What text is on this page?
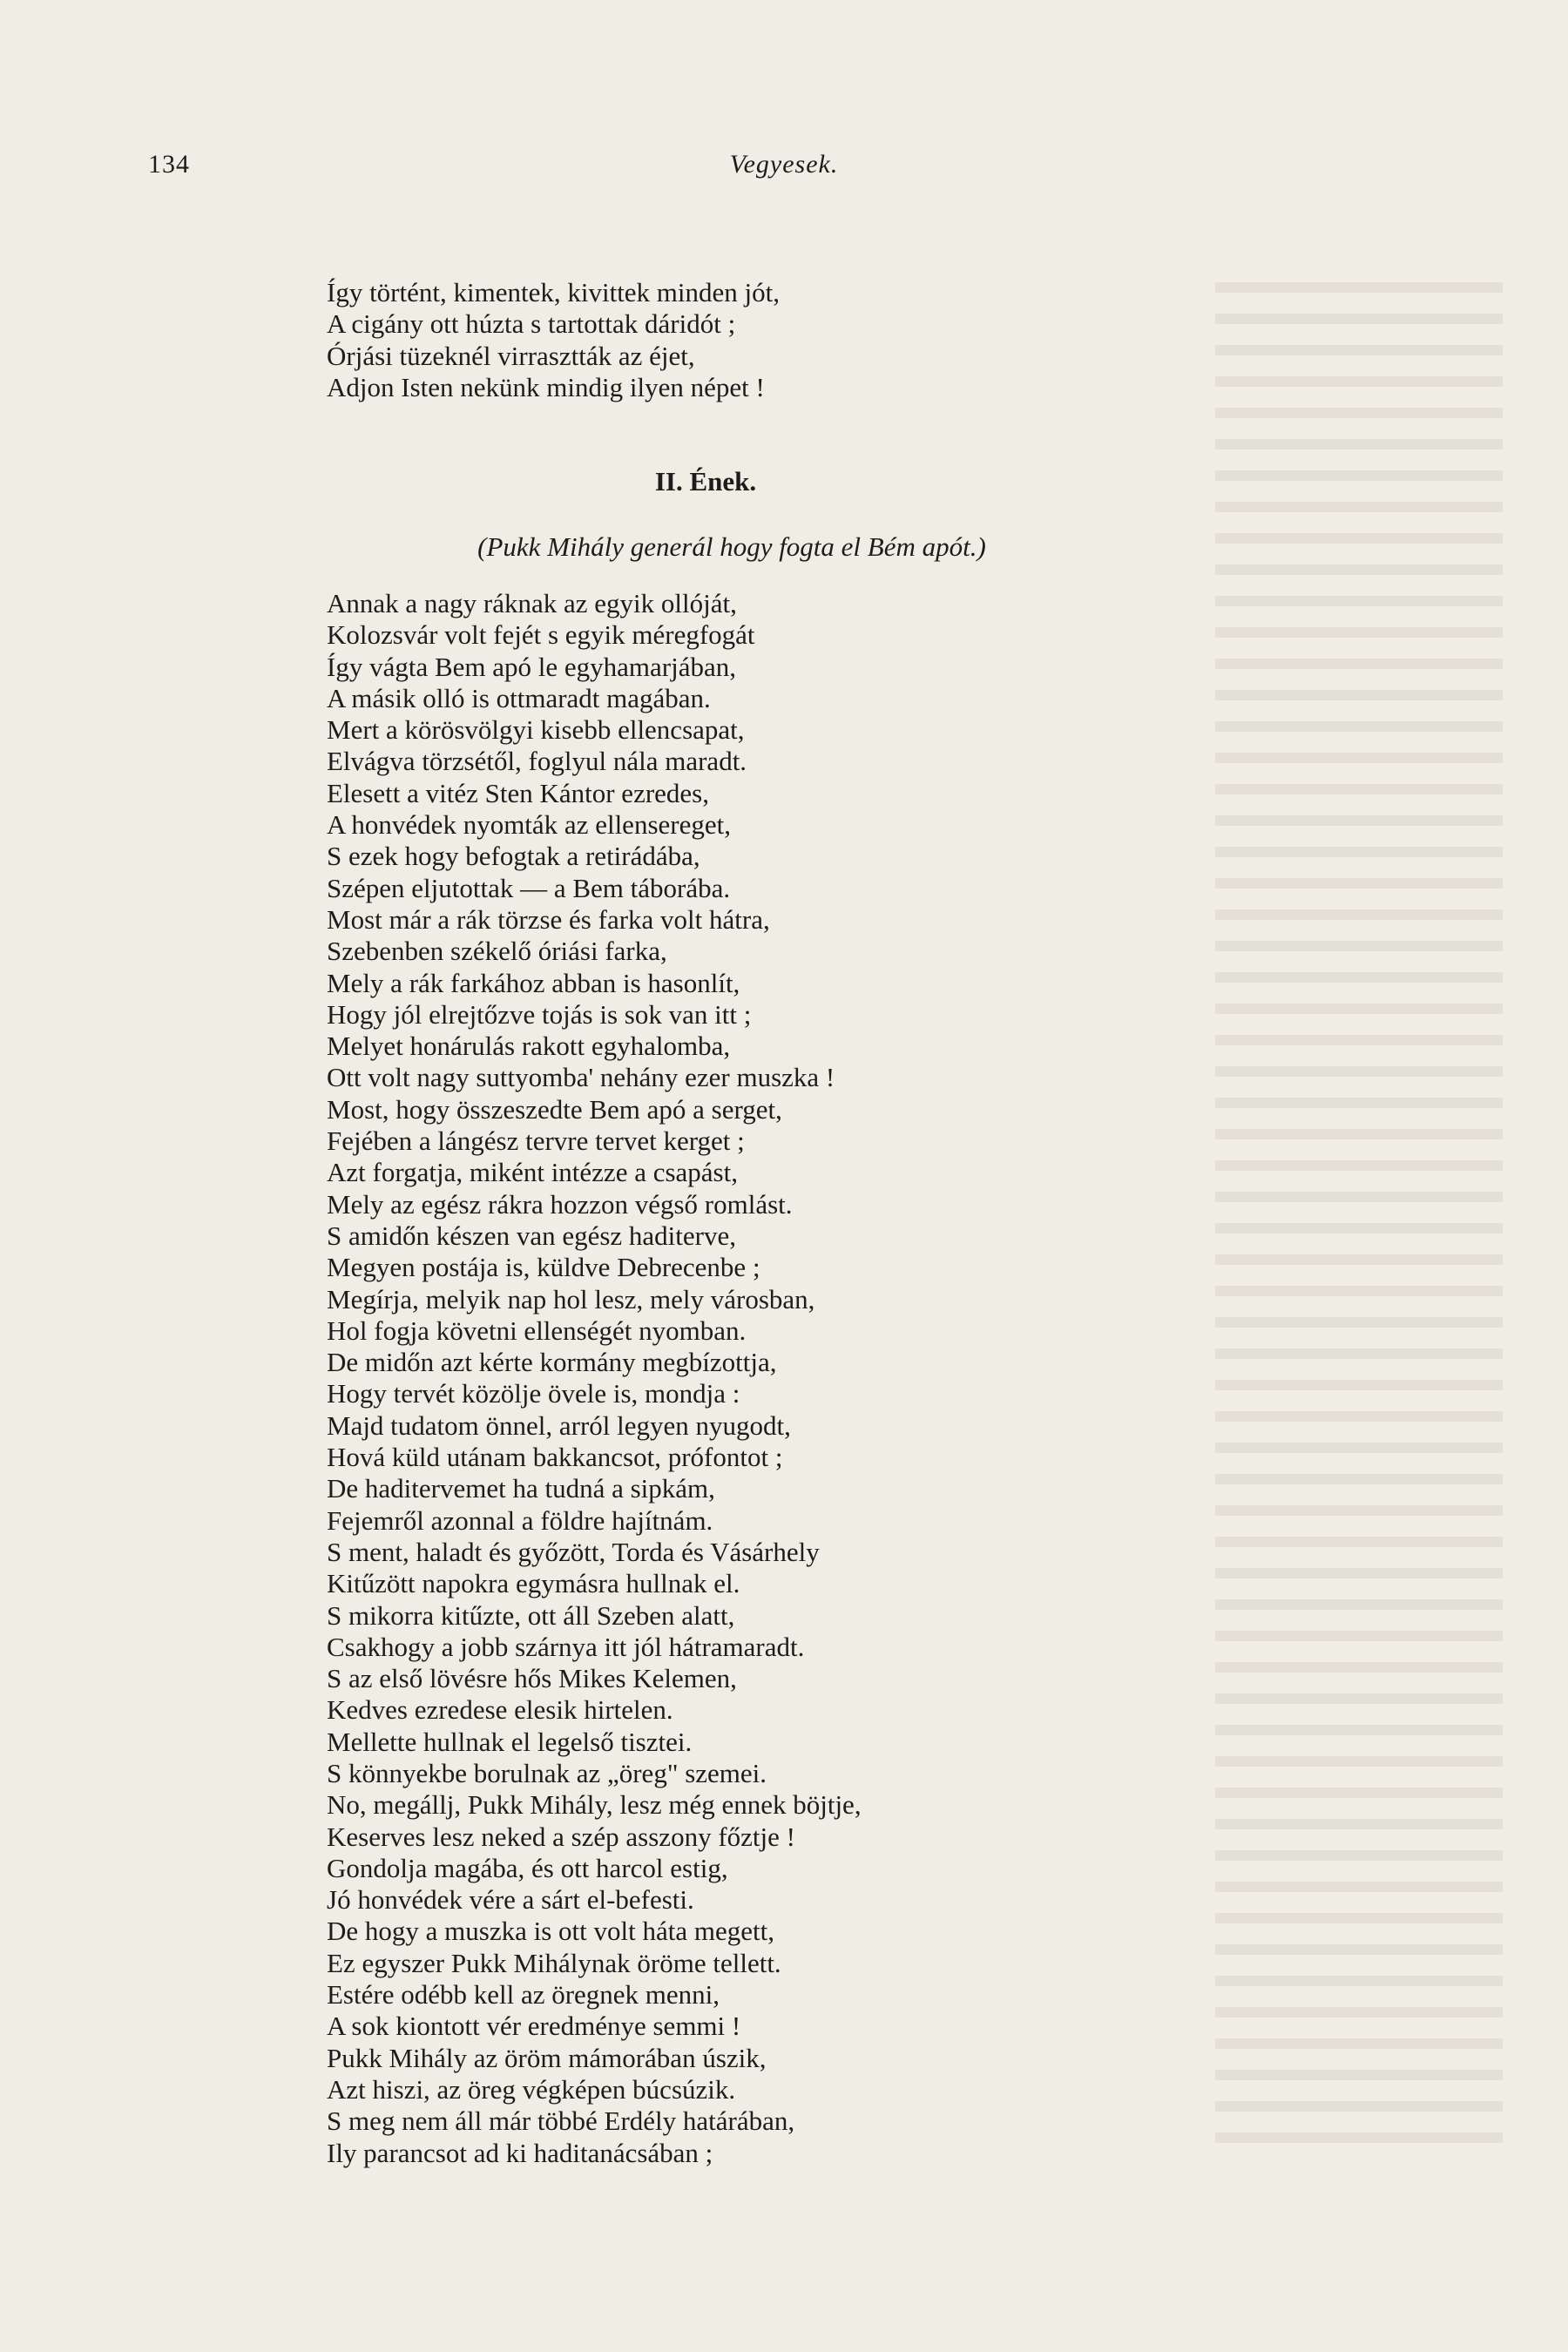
134	Vegyesek.
Így történt, kimentek, kivittek minden jót,
A cigány ott húzta s tartottak dáridót ;
Órjási tüzeknél virrasztták az éjet,
Adjon Isten nekünk mindig ilyen népet !
II. Ének.
(Pukk Mihály generál hogy fogta el Bém apót.)
Annak a nagy ráknak az egyik ollóját,
Kolozsvár volt fejét s egyik méregfogát
Így vágta Bem apó le egyhamarjában,
A másik olló is ottmaradt magában.
Mert a körösvölgyi kisebb ellencsapat,
Elvágva törzsétől, foglyul nála maradt.
Elesett a vitéz Sten Kántor ezredes,
A honvédek nyomták az ellensereget,
S ezek hogy befogtak a retirádába,
Szépen eljutottak — a Bem táborába.
Most már a rák törzse és farka volt hátra,
Szebenben székelő óriási farka,
Mely a rák farkához abban is hasonlít,
Hogy jól elrejtőzve tojás is sok van itt ;
Melyet honárulás rakott egyhalomba,
Ott volt nagy suttyomba' nehány ezer muszka !
Most, hogy összeszedte Bem apó a serget,
Fejében a lángész tervre tervet kerget ;
Azt forgatja, miként intézze a csapást,
Mely az egész rákra hozzon végső romlást.
S amidőn készen van egész haditerve,
Megyen postája is, küldve Debrecenbe ;
Megírja, melyik nap hol lesz, mely városban,
Hol fogja követni ellenségét nyomban.
De midőn azt kérte kormány megbízottja,
Hogy tervét közölje övele is, mondja :
Majd tudatom önnel, arról legyen nyugodt,
Hová küld utánam bakkancsot, prófontot ;
De haditervemet ha tudná a sipkám,
Fejemről azonnal a földre hajítnám.
S ment, haladt és győzött, Torda és Vásárhely
Kitűzött napokra egymásra hullnak el.
S mikorra kitűzte, ott áll Szeben alatt,
Csakhogy a jobb szárnya itt jól hátramaradt.
S az első lövésre hős Mikes Kelemen,
Kedves ezredese elesik hirtelen.
Mellette hullnak el legelső tisztei.
S könnyekbe borulnak az „öreg" szemei.
No, megállj, Pukk Mihály, lesz még ennek böjtje,
Keserves lesz neked a szép asszony főztje !
Gondolja magába, és ott harcol estig,
Jó honvédek vére a sárt el-befesti.
De hogy a muszka is ott volt háta megett,
Ez egyszer Pukk Mihálynak öröme tellett.
Estére odébb kell az öregnek menni,
A sok kiontott vér eredménye semmi !
Pukk Mihály az öröm mámorában úszik,
Azt hiszi, az öreg végképen búcsúzik.
S meg nem áll már többé Erdély határában,
Ily parancsot ad ki haditanácsában ;
